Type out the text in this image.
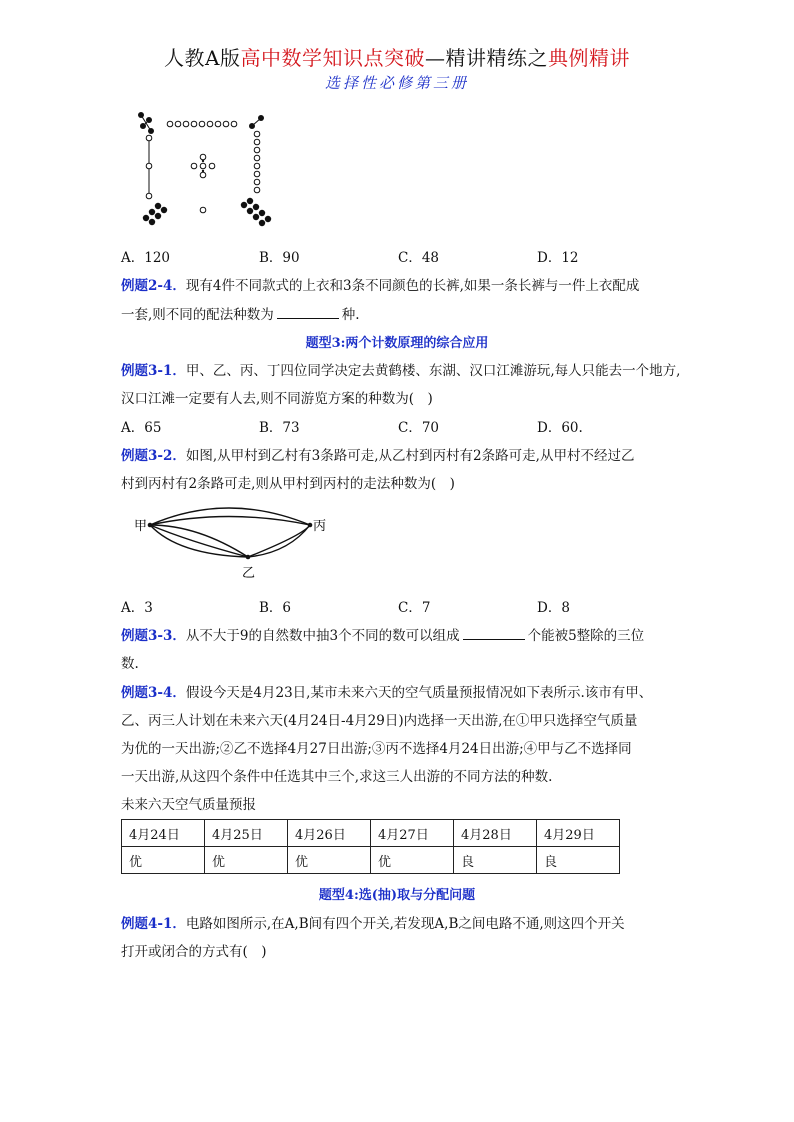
人教A版高中数学知识点突破—精讲精练之典例精讲
选择性必修第三册
A．120	B．90	C．48	D．12
例题2-4．现有4件不同款式的上衣和3条不同颜色的长裤,如果一条长裤与一件上衣配成
一套,则不同的配法种数为	种.
题型3:两个计数原理的综合应用
例题3-1．甲、乙、丙、丁四位同学决定去黄鹤楼、东湖、汉口江滩游玩,每人只能去一个地方,
汉口江滩一定要有人去,则不同游览方案的种数为(　)
A．65	B．73	C．70	D．60.
例题3-2．如图,从甲村到乙村有3条路可走,从乙村到丙村有2条路可走,从甲村不经过乙
村到丙村有2条路可走,则从甲村到丙村的走法种数为(　)
甲	丙
乙
A．3	B．6	C．7	D．8
例题3-3．从不大于9的自然数中抽3个不同的数可以组成	个能被5整除的三位
数.
例题3-4．假设今天是4月23日,某市未来六天的空气质量预报情况如下表所示.该市有甲、
乙、丙三人计划在未来六天(4月24日-4月29日)内选择一天出游,在①甲只选择空气质量
为优的一天出游;②乙不选择4月27日出游;③丙不选择4月24日出游;④甲与乙不选择同
一天出游,从这四个条件中任选其中三个,求这三人出游的不同方法的种数.
未来六天空气质量预报
4月24日	4月25日	4月26日	4月27日	4月28日	4月29日
优	优	优	优	良	良
题型4:选(抽)取与分配问题
例题4-1．电路如图所示,在A,B间有四个开关,若发现A,B之间电路不通,则这四个开关
打开或闭合的方式有(　)
